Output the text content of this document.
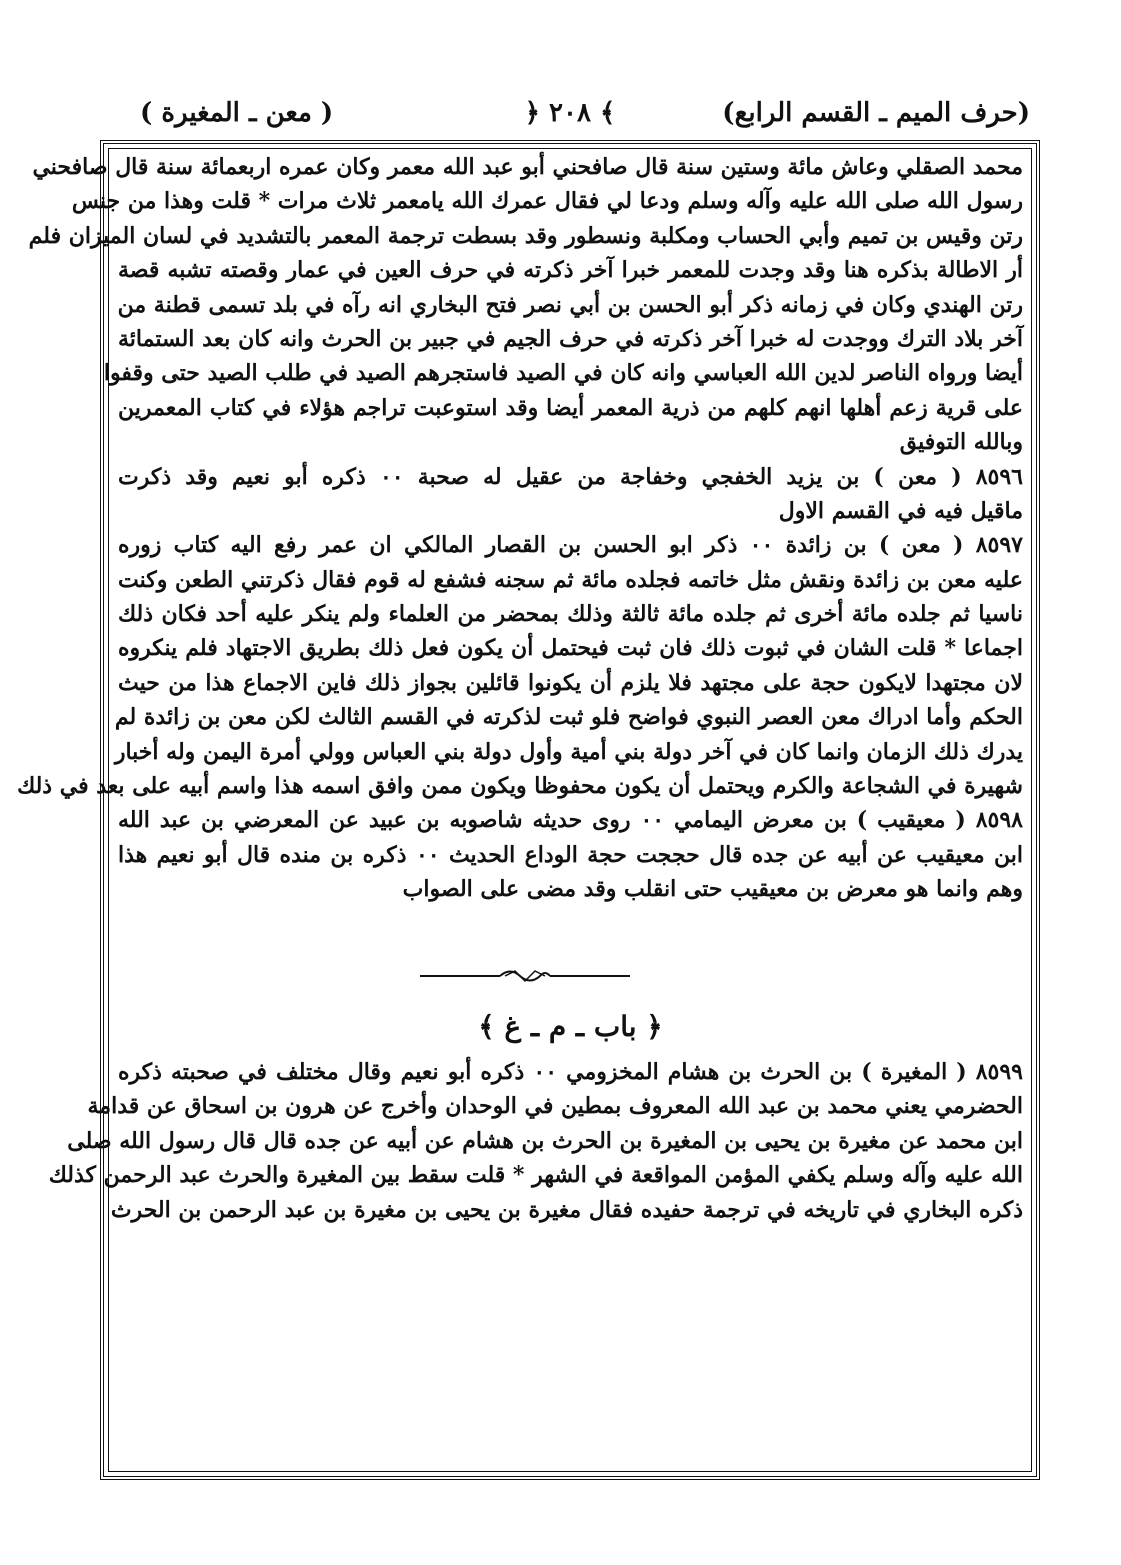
( معن ـ المغيرة )	﴿ ٢٠٨ ﴾	(حرف الميم ـ القسم الرابع)
محمد الصقلي وعاش مائة وستين سنة قال صافحني أبو عبد الله معمر وكان عمره اربعمائة سنة قال صافحني
رسول الله صلى الله عليه وآله وسلم ودعا لي فقال عمرك الله يامعمر ثلاث مرات * قلت وهذا من جنس
رتن وقيس بن تميم وأبي الحساب ومكلبة ونسطور وقد بسطت ترجمة المعمر بالتشديد في لسان الميزان فلم
أر الاطالة بذكره هنا وقد وجدت للمعمر خبرا آخر ذكرته في حرف العين في عمار وقصته تشبه قصة
رتن الهندي وكان في زمانه ذكر أبو الحسن بن أبي نصر فتح البخاري انه رآه في بلد تسمى قطنة من
آخر بلاد الترك ووجدت له خبرا آخر ذكرته في حرف الجيم في جبير بن الحرث وانه كان بعد الستمائة
أيضا ورواه الناصر لدين الله العباسي وانه كان في الصيد فاستجرهم الصيد في طلب الصيد حتى وقفوا
على قرية زعم أهلها انهم كلهم من ذرية المعمر أيضا وقد استوعبت تراجم هؤلاء في كتاب المعمرين
وبالله التوفيق
٨٥٩٦ ( معن ) بن يزيد الخفجي وخفاجة من عقيل له صحبة ٠٠ ذكره أبو نعيم وقد ذكرت
ماقيل فيه في القسم الاول
٨٥٩٧ ( معن ) بن زائدة ٠٠ ذكر ابو الحسن بن القصار المالكي ان عمر رفع اليه كتاب زوره
عليه معن بن زائدة ونقش مثل خاتمه فجلده مائة ثم سجنه فشفع له قوم فقال ذكرتني الطعن وكنت
ناسيا ثم جلده مائة أخرى ثم جلده مائة ثالثة وذلك بمحضر من العلماء ولم ينكر عليه أحد فكان ذلك
اجماعا * قلت الشان في ثبوت ذلك فان ثبت فيحتمل أن يكون فعل ذلك بطريق الاجتهاد فلم ينكروه
لان مجتهدا لايكون حجة على مجتهد فلا يلزم أن يكونوا قائلين بجواز ذلك فاين الاجماع هذا من حيث
الحكم وأما ادراك معن العصر النبوي فواضح فلو ثبت لذكرته في القسم الثالث لكن معن بن زائدة لم
يدرك ذلك الزمان وانما كان في آخر دولة بني أمية وأول دولة بني العباس وولي أمرة اليمن وله أخبار
شهيرة في الشجاعة والكرم ويحتمل أن يكون محفوظا ويكون ممن وافق اسمه هذا واسم أبيه على بعد في ذلك
٨٥٩٨ ( معيقيب ) بن معرض اليمامي ٠٠ روى حديثه شاصوبه بن عبيد عن المعرضي بن عبد الله
ابن معيقيب عن أبيه عن جده قال حججت حجة الوداع الحديث ٠٠ ذكره بن منده قال أبو نعيم هذا
وهم وانما هو معرض بن معيقيب حتى انقلب وقد مضى على الصواب
﴿ باب ـ م ـ غ ﴾
٨٥٩٩ ( المغيرة ) بن الحرث بن هشام المخزومي ٠٠ ذكره أبو نعيم وقال مختلف في صحبته ذكره
الحضرمي يعني محمد بن عبد الله المعروف بمطين في الوحدان وأخرج عن هرون بن اسحاق عن قدامة
ابن محمد عن مغيرة بن يحيى بن المغيرة بن الحرث بن هشام عن أبيه عن جده قال قال رسول الله صلى
الله عليه وآله وسلم يكفي المؤمن المواقعة في الشهر * قلت سقط بين المغيرة والحرث عبد الرحمن كذلك
ذكره البخاري في تاريخه في ترجمة حفيده فقال مغيرة بن يحيى بن مغيرة بن عبد الرحمن بن الحرث
